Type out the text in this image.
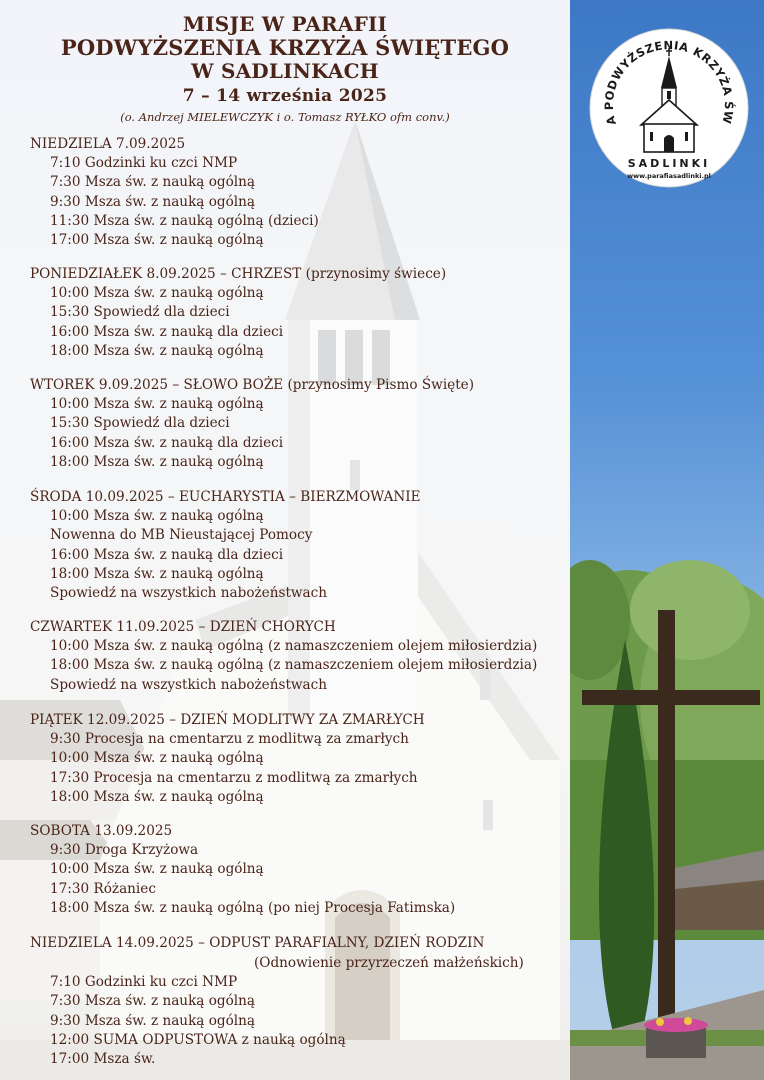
A PODWYŻSZENIA KRZYŻA ŚW
SADLINKI
www.parafiasadlinki.pl
MISJE W PARAFII
PODWYŻSZENIA KRZYŻA ŚWIĘTEGO
W SADLINKACH
7 – 14 września 2025
(o. Andrzej MIELEWCZYK i o. Tomasz RYŁKO ofm conv.)
NIEDZIELA 7.09.2025
7:10 Godzinki ku czci NMP
7:30 Msza św. z nauką ogólną
9:30 Msza św. z nauką ogólną
11:30 Msza św. z nauką ogólną (dzieci)
17:00 Msza św. z nauką ogólną
PONIEDZIAŁEK 8.09.2025 – CHRZEST (przynosimy świece)
10:00 Msza św. z nauką ogólną
15:30 Spowiedź dla dzieci
16:00 Msza św. z nauką dla dzieci
18:00 Msza św. z nauką ogólną
WTOREK 9.09.2025 – SŁOWO BOŻE (przynosimy Pismo Święte)
10:00 Msza św. z nauką ogólną
15:30 Spowiedź dla dzieci
16:00 Msza św. z nauką dla dzieci
18:00 Msza św. z nauką ogólną
ŚRODA 10.09.2025 – EUCHARYSTIA – BIERZMOWANIE
10:00 Msza św. z nauką ogólną
Nowenna do MB Nieustającej Pomocy
16:00 Msza św. z nauką dla dzieci
18:00 Msza św. z nauką ogólną
Spowiedź na wszystkich nabożeństwach
CZWARTEK 11.09.2025 – DZIEŃ CHORYCH
10:00 Msza św. z nauką ogólną (z namaszczeniem olejem miłosierdzia)
18:00 Msza św. z nauką ogólną (z namaszczeniem olejem miłosierdzia)
Spowiedź na wszystkich nabożeństwach
PIĄTEK 12.09.2025 – DZIEŃ MODLITWY ZA ZMARŁYCH
9:30 Procesja na cmentarzu z modlitwą za zmarłych
10:00 Msza św. z nauką ogólną
17:30 Procesja na cmentarzu z modlitwą za zmarłych
18:00 Msza św. z nauką ogólną
SOBOTA 13.09.2025
9:30 Droga Krzyżowa
10:00 Msza św. z nauką ogólną
17:30 Różaniec
18:00 Msza św. z nauką ogólną (po niej Procesja Fatimska)
NIEDZIELA 14.09.2025 – ODPUST PARAFIALNY, DZIEŃ RODZIN
(Odnowienie przyrzeczeń małżeńskich)
7:10 Godzinki ku czci NMP
7:30 Msza św. z nauką ogólną
9:30 Msza św. z nauką ogólną
12:00 SUMA ODPUSTOWA z nauką ogólną
17:00 Msza św.
